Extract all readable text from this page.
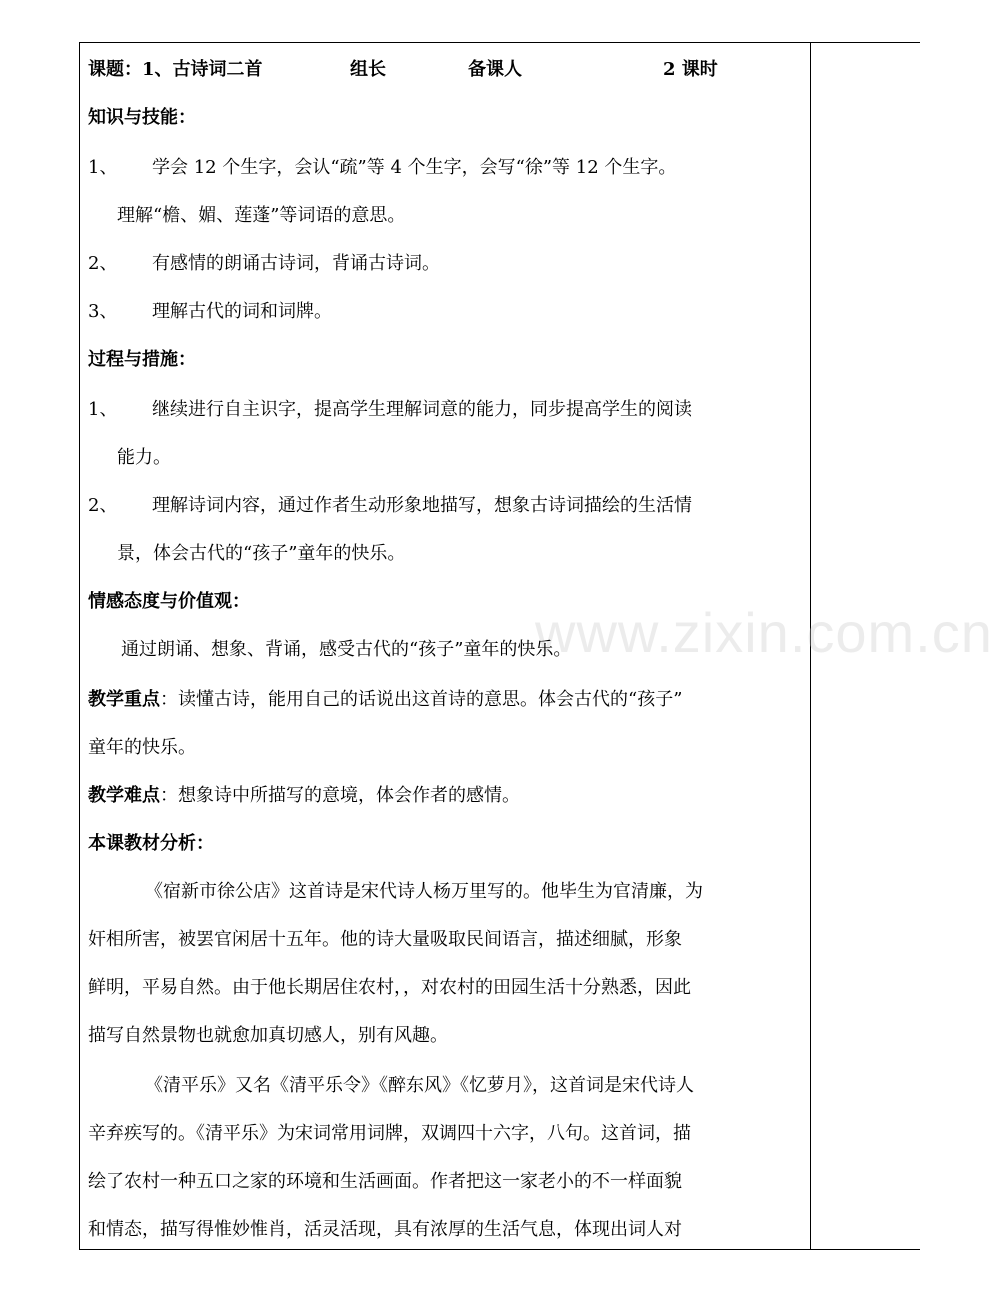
www.zixin.com.cn
课题：1、古诗词二首	组长	备课人	2 课时
知识与技能：
1、 学会 12 个生字，会认“疏”等 4 个生字，会写“徐”等 12 个生字。
理解“檐、媚、莲蓬”等词语的意思。
2、 有感情的朗诵古诗词，背诵古诗词。
3、 理解古代的词和词牌。
过程与措施：
1、 继续进行自主识字，提高学生理解词意的能力，同步提高学生的阅读
能力。
2、 理解诗词内容，通过作者生动形象地描写，想象古诗词描绘的生活情
景，体会古代的“孩子”童年的快乐。
情感态度与价值观：
通过朗诵、想象、背诵，感受古代的“孩子”童年的快乐。
教学重点：读懂古诗，能用自己的话说出这首诗的意思。体会古代的“孩子”
童年的快乐。
教学难点：想象诗中所描写的意境，体会作者的感情。
本课教材分析：
《宿新市徐公店》这首诗是宋代诗人杨万里写的。他毕生为官清廉，为
奸相所害，被罢官闲居十五年。他的诗大量吸取民间语言，描述细腻，形象
鲜明，平易自然。由于他长期居住农村，，对农村的田园生活十分熟悉，因此
描写自然景物也就愈加真切感人，别有风趣。
《清平乐》又名《清平乐令》《醉东风》《忆萝月》，这首词是宋代诗人
辛弃疾写的。《清平乐》为宋词常用词牌，双调四十六字，八句。这首词，描
绘了农村一种五口之家的环境和生活画面。作者把这一家老小的不一样面貌
和情态，描写得惟妙惟肖，活灵活现，具有浓厚的生活气息，体现出词人对
